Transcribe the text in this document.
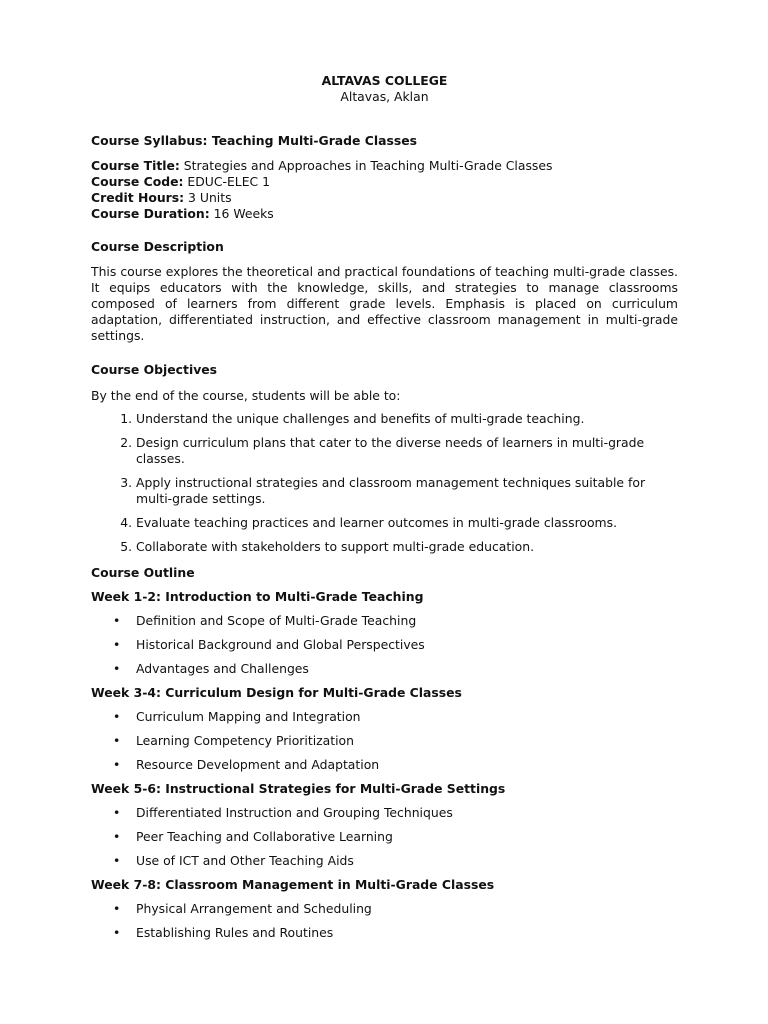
ALTAVAS COLLEGE
Altavas, Aklan
Course Syllabus: Teaching Multi-Grade Classes
Course Title: Strategies and Approaches in Teaching Multi-Grade Classes
Course Code: EDUC-ELEC 1
Credit Hours: 3 Units
Course Duration: 16 Weeks
Course Description
This course explores the theoretical and practical foundations of teaching multi-grade classes. It equips educators with the knowledge, skills, and strategies to manage classrooms composed of learners from different grade levels. Emphasis is placed on curriculum adaptation, differentiated instruction, and effective classroom management in multi-grade settings.
Course Objectives
By the end of the course, students will be able to:
1. Understand the unique challenges and benefits of multi-grade teaching.
2. Design curriculum plans that cater to the diverse needs of learners in multi-grade classes.
3. Apply instructional strategies and classroom management techniques suitable for multi-grade settings.
4. Evaluate teaching practices and learner outcomes in multi-grade classrooms.
5. Collaborate with stakeholders to support multi-grade education.
Course Outline
Week 1-2: Introduction to Multi-Grade Teaching
• Definition and Scope of Multi-Grade Teaching
• Historical Background and Global Perspectives
• Advantages and Challenges
Week 3-4: Curriculum Design for Multi-Grade Classes
• Curriculum Mapping and Integration
• Learning Competency Prioritization
• Resource Development and Adaptation
Week 5-6: Instructional Strategies for Multi-Grade Settings
• Differentiated Instruction and Grouping Techniques
• Peer Teaching and Collaborative Learning
• Use of ICT and Other Teaching Aids
Week 7-8: Classroom Management in Multi-Grade Classes
• Physical Arrangement and Scheduling
• Establishing Rules and Routines
